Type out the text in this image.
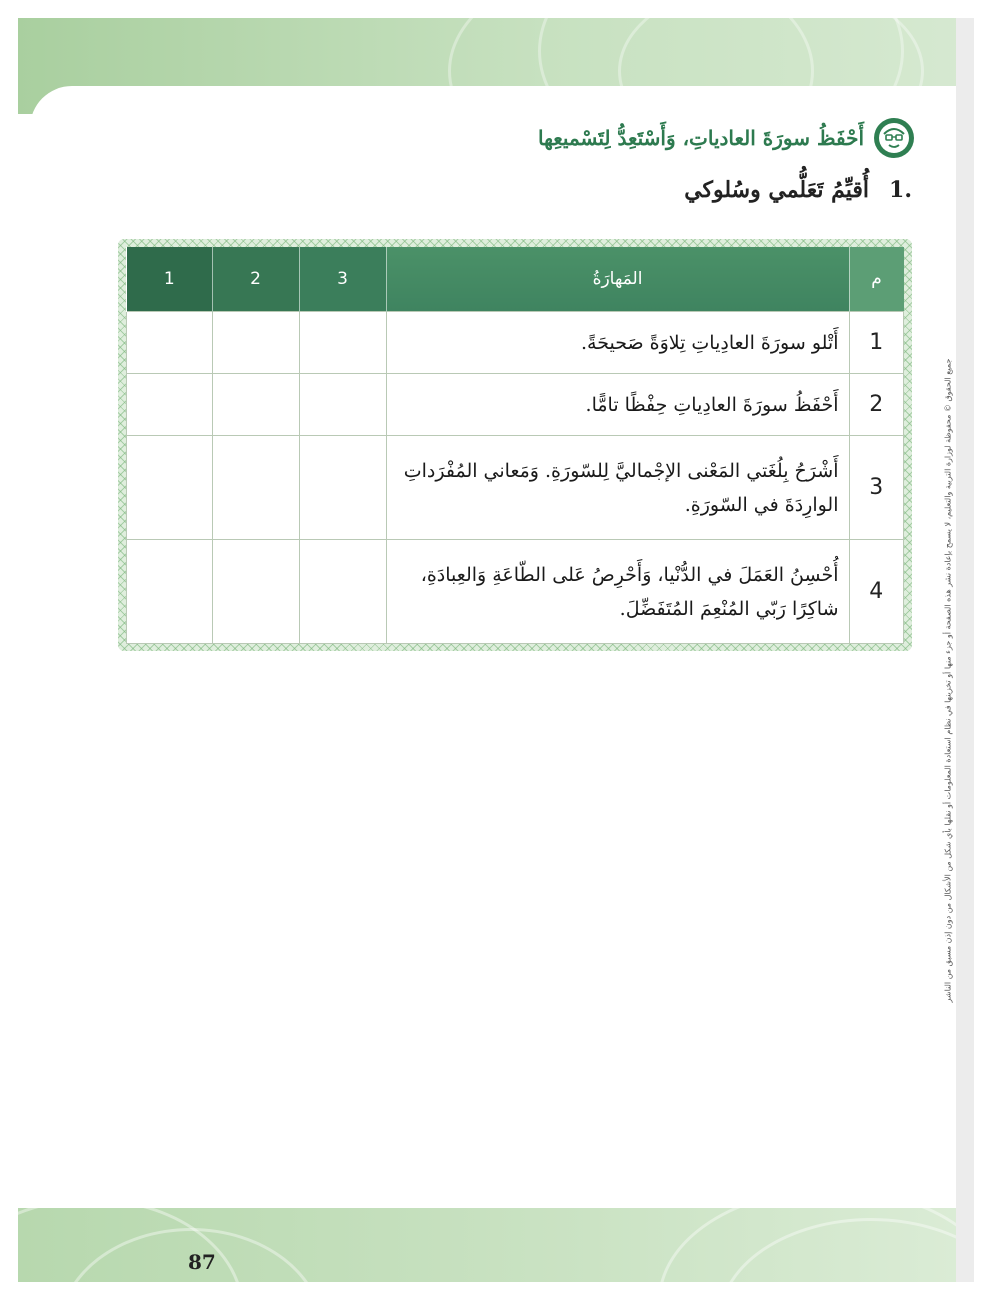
جميع الحقوق © محفوظة لوزارة التربية والتعليم، لا يسمح بإعادة نشر هذه الصفحة أو جزء منها أو تخزينها في نظام استعادة المعلومات أو نقلها بأي شكل من الأشكال من دون إذن مسبق من الناشر
أَحْفَظُ سورَةَ العادياتِ، وَأَسْتَعِدُّ لِتَسْميعِها
1.
أُقيِّمُ تَعَلُّمي وسُلوكي
م	المَهارَةُ	3	2	1
1	أَتْلو سورَةَ العادِياتِ تِلاوَةً صَحيحَةً.			
2	أَحْفَظُ سورَةَ العادِياتِ حِفْظًا تامًّا.			
3	أَشْرَحُ بِلُغَتي المَعْنى الإجْماليَّ لِلسّورَةِ. وَمَعاني المُفْرَداتِ الوارِدَةَ في السّورَةِ.			
4	أُحْسِنُ العَمَلَ في الدُّنْيا، وَأَحْرِصُ عَلى الطّاعَةِ وَالعِبادَةِ، شاكِرًا رَبّي المُنْعِمَ المُتَفَضِّلَ.			
87
